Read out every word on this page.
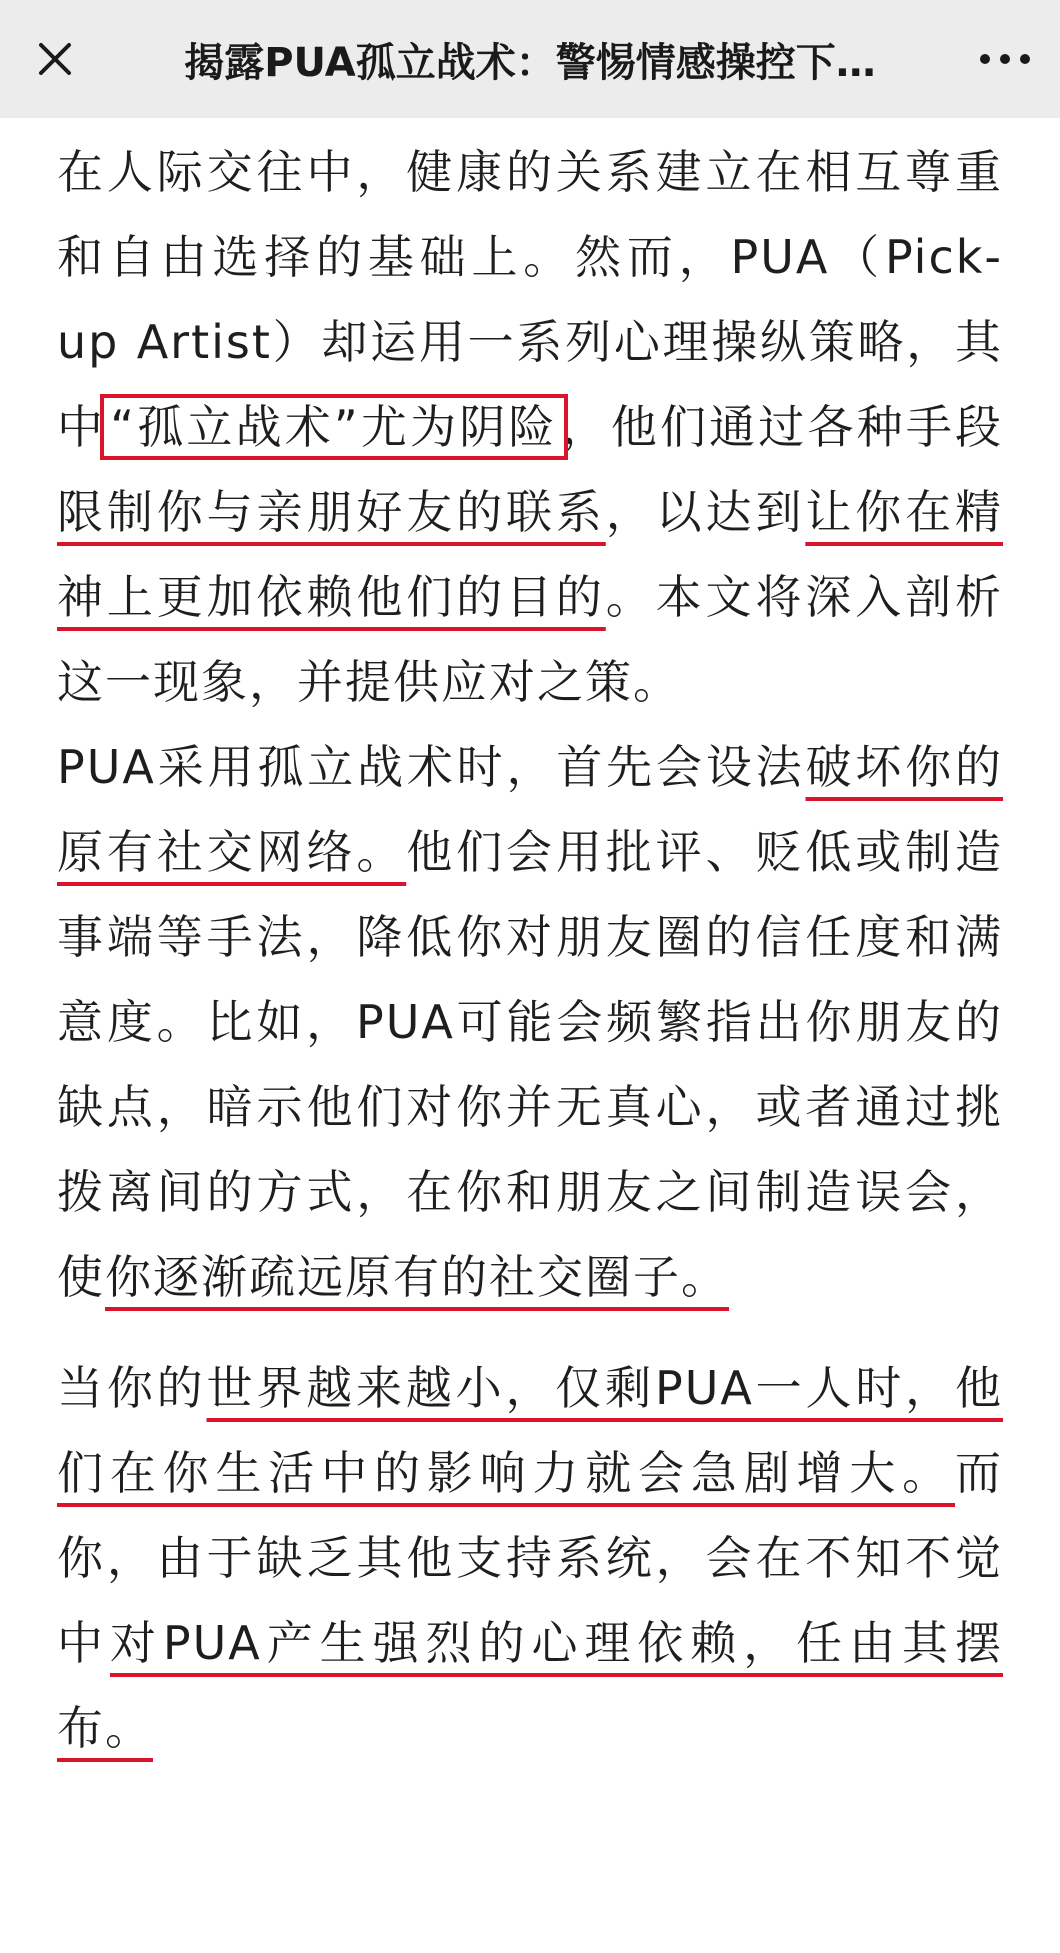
揭露PUA孤立战术：警惕情感操控下…

在人际交往中，健康的关系建立在相互尊重和自由选择的基础上。然而，PUA（Pick-up Artist）却运用一系列心理操纵策略，其中“孤立战术”尤为阴险，他们通过各种手段限制你与亲朋好友的联系，以达到让你在精神上更加依赖他们的目的。本文将深入剖析这一现象，并提供应对之策。

PUA采用孤立战术时，首先会设法破坏你的原有社交网络。他们会用批评、贬低或制造事端等手法，降低你对朋友圈的信任度和满意度。比如，PUA可能会频繁指出你朋友的缺点，暗示他们对你并无真心，或者通过挑拨离间的方式，在你和朋友之间制造误会，使你逐渐疏远原有的社交圈子。

当你的世界越来越小，仅剩PUA一人时，他们在你生活中的影响力就会急剧增大。而你，由于缺乏其他支持系统，会在不知不觉中对PUA产生强烈的心理依赖，任由其摆布。
